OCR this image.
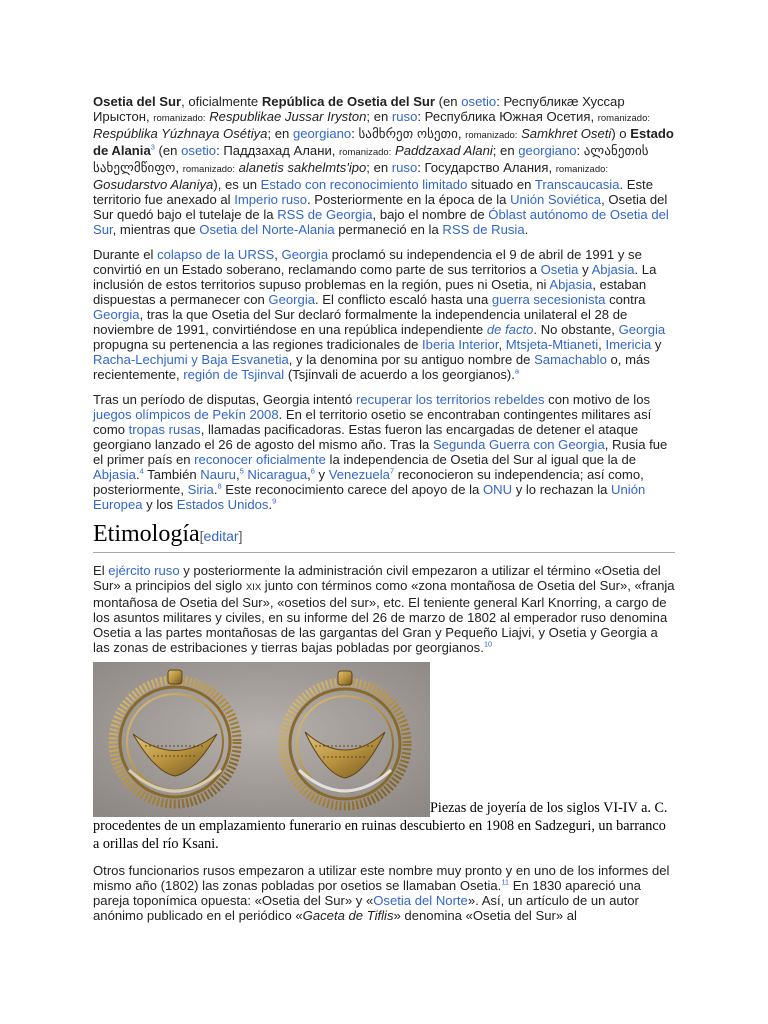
Osetia del Sur, oficialmente República de Osetia del Sur (en osetio: Республикæ Хуссар Ирыстон, romanizado: Respublikae Jussar Iryston; en ruso: Республика Южная Осетия, romanizado: Respúblika Yúzhnaya Osétiya; en georgiano: სამხრეთ ოსეთი, romanizado: Samkhret Oseti) o Estado de Alania$^3$ (en osetio: Паддзахад Алани, romanizado: Paddzaxad Alani; en georgiano: ალანეთის სახელმწიფო, romanizado: alanetis sakhelmts'ipo; en ruso: Государство Алания, romanizado: Gosudarstvo Alaniya), es un Estado con reconocimiento limitado situado en Transcaucasia. Este territorio fue anexado al Imperio ruso. Posteriormente en la época de la Unión Soviética, Osetia del Sur quedó bajo el tutelaje de la RSS de Georgia, bajo el nombre de Óblast autónomo de Osetia del Sur, mientras que Osetia del Norte-Alania permaneció en la RSS de Rusia.

Durante el colapso de la URSS, Georgia proclamó su independencia el 9 de abril de 1991 y se convirtió en un Estado soberano, reclamando como parte de sus territorios a Osetia y Abjasia. La inclusión de estos territorios supuso problemas en la región, pues ni Osetia, ni Abjasia, estaban dispuestas a permanecer con Georgia. El conflicto escaló hasta una guerra secesionista contra Georgia, tras la que Osetia del Sur declaró formalmente la independencia unilateral el 28 de noviembre de 1991, convirtiéndose en una república independiente de facto. No obstante, Georgia propugna su pertenencia a las regiones tradicionales de Iberia Interior, Mtsjeta-Mtianeti, Imericia y Racha-Lechjumi y Baja Esvanetia, y la denomina por su antiguo nombre de Samachablo o, más recientemente, región de Tsjinval (Tsjinvali de acuerdo a los georgianos).$^a$

Tras un período de disputas, Georgia intentó recuperar los territorios rebeldes con motivo de los juegos olímpicos de Pekín 2008. En el territorio osetio se encontraban contingentes militares así como tropas rusas, llamadas pacificadoras. Estas fueron las encargadas de detener el ataque georgiano lanzado el 26 de agosto del mismo año. Tras la Segunda Guerra con Georgia, Rusia fue el primer país en reconocer oficialmente la independencia de Osetia del Sur al igual que la de Abjasia.$^4$ También Nauru,$^5$ Nicaragua,$^6$ y Venezuela$^7$ reconocieron su independencia; así como, posteriormente, Siria.$^8$ Este reconocimiento carece del apoyo de la ONU y lo rechazan la Unión Europea y los Estados Unidos.$^9$

Etimología[editar]

El ejército ruso y posteriormente la administración civil empezaron a utilizar el término «Osetia del Sur» a principios del siglo XIX junto con términos como «zona montañosa de Osetia del Sur», «franja montañosa de Osetia del Sur», «osetios del sur», etc. El teniente general Karl Knorring, a cargo de los asuntos militares y civiles, en su informe del 26 de marzo de 1802 al emperador ruso denomina Osetia a las partes montañosas de las gargantas del Gran y Pequeño Liajvi, y Osetia y Georgia a las zonas de estribaciones y tierras bajas pobladas por georgianos.$^{10}$

Piezas de joyería de los siglos VI-IV a. C. procedentes de un emplazamiento funerario en ruinas descubierto en 1908 en Sadzeguri, un barranco a orillas del río Ksani.

Otros funcionarios rusos empezaron a utilizar este nombre muy pronto y en uno de los informes del mismo año (1802) las zonas pobladas por osetios se llamaban Osetia.$^{11}$ En 1830 apareció una pareja toponímica opuesta: «Osetia del Sur» y «Osetia del Norte». Así, un artículo de un autor anónimo publicado en el periódico «Gaceta de Tiflis» denomina «Osetia del Sur» al
